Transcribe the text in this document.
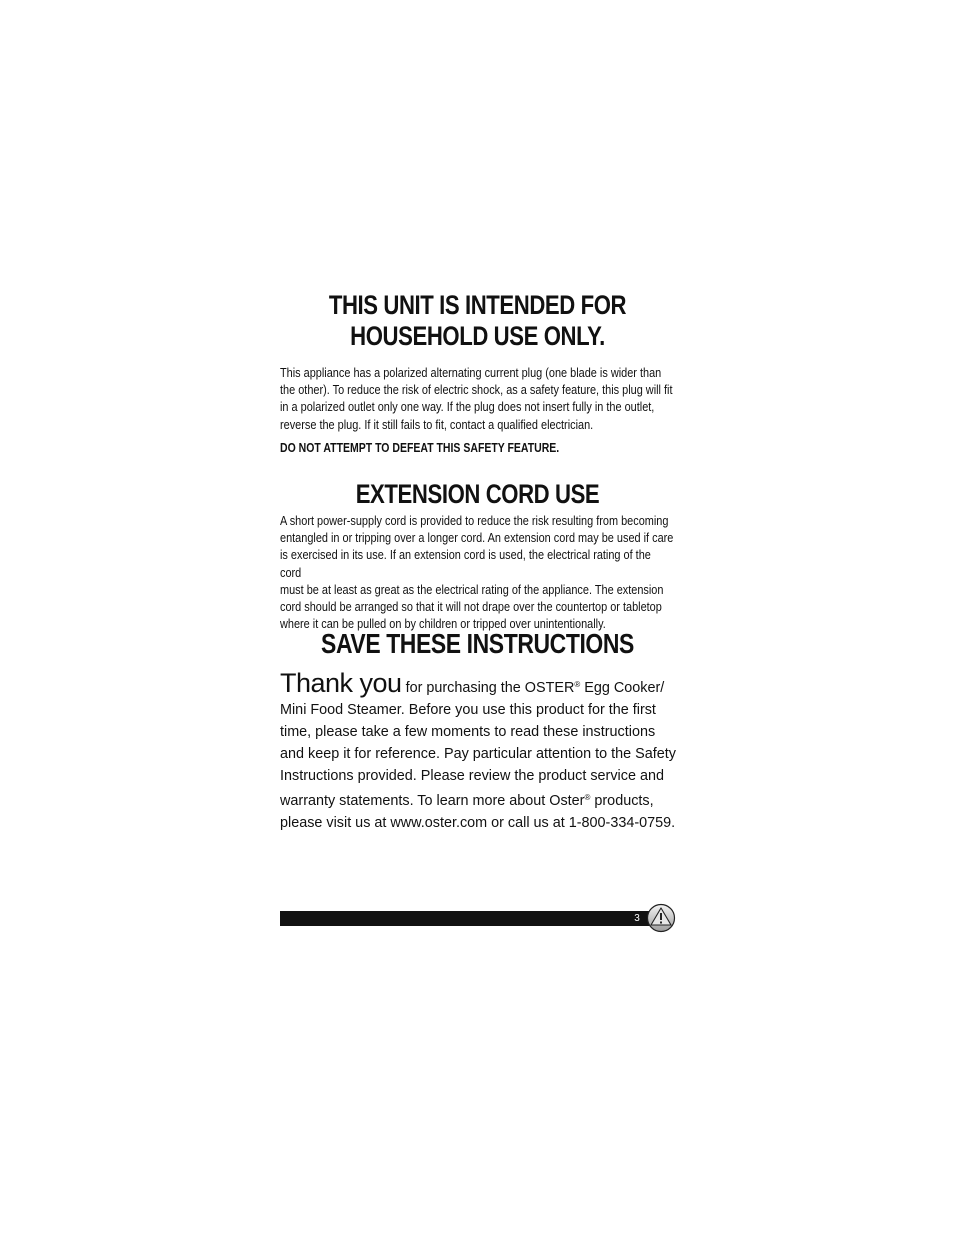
THIS UNIT IS INTENDED FOR
HOUSEHOLD USE ONLY.

This appliance has a polarized alternating current plug (one blade is wider than
the other). To reduce the risk of electric shock, as a safety feature, this plug will fit
in a polarized outlet only one way. If the plug does not insert fully in the outlet,
reverse the plug. If it still fails to fit, contact a qualified electrician.

DO NOT ATTEMPT TO DEFEAT THIS SAFETY FEATURE.

EXTENSION CORD USE

A short power-supply cord is provided to reduce the risk resulting from becoming
entangled in or tripping over a longer cord. An extension cord may be used if care
is exercised in its use. If an extension cord is used, the electrical rating of the cord
must be at least as great as the electrical rating of the appliance. The extension
cord should be arranged so that it will not drape over the countertop or tabletop
where it can be pulled on by children or tripped over unintentionally.

SAVE THESE INSTRUCTIONS

Thank you for purchasing the OSTER® Egg Cooker/
Mini Food Steamer. Before you use this product for the first
time, please take a few moments to read these instructions
and keep it for reference. Pay particular attention to the Safety
Instructions provided. Please review the product service and
warranty statements. To learn more about Oster® products,
please visit us at www.oster.com or call us at 1-800-334-0759.

3
